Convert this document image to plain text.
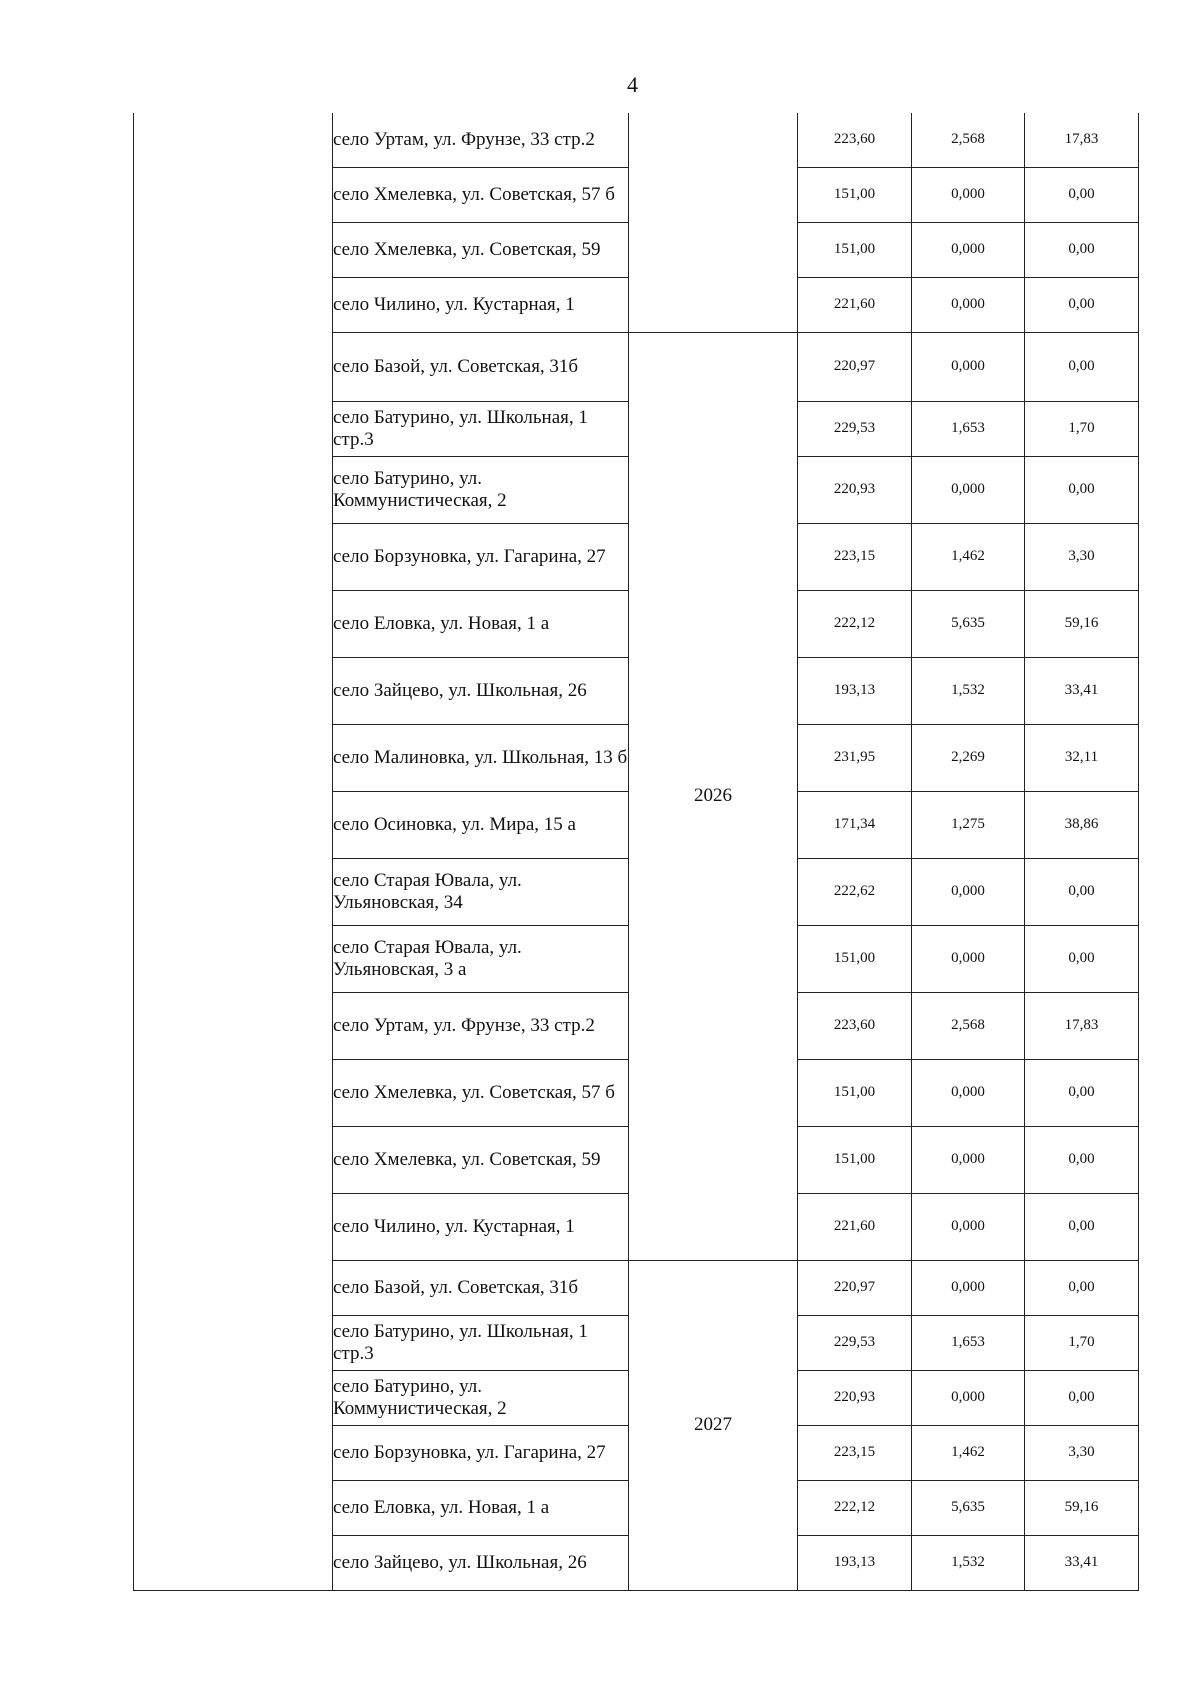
4
	село Уртам, ул. Фрунзе, 33 стр.2		223,60	2,568	17,83
	село Хмелевка, ул. Советская, 57 б		151,00	0,000	0,00
	село Хмелевка, ул. Советская, 59		151,00	0,000	0,00
	село Чилино, ул. Кустарная, 1		221,60	0,000	0,00
	село Базой, ул. Советская, 31б	2026	220,97	0,000	0,00
	село Батурино, ул. Школьная, 1 стр.3		229,53	1,653	1,70
	село Батурино, ул. Коммунистическая, 2		220,93	0,000	0,00
	село Борзуновка, ул. Гагарина, 27		223,15	1,462	3,30
	село Еловка, ул. Новая, 1 а		222,12	5,635	59,16
	село Зайцево, ул. Школьная, 26		193,13	1,532	33,41
	село Малиновка, ул. Школьная, 13 б		231,95	2,269	32,11
	село Осиновка, ул. Мира, 15 а		171,34	1,275	38,86
	село Старая Ювала, ул. Ульяновская, 34		222,62	0,000	0,00
	село Старая Ювала, ул. Ульяновская, 3 а		151,00	0,000	0,00
	село Уртам, ул. Фрунзе, 33 стр.2		223,60	2,568	17,83
	село Хмелевка, ул. Советская, 57 б		151,00	0,000	0,00
	село Хмелевка, ул. Советская, 59		151,00	0,000	0,00
	село Чилино, ул. Кустарная, 1		221,60	0,000	0,00
	село Базой, ул. Советская, 31б	2027	220,97	0,000	0,00
	село Батурино, ул. Школьная, 1 стр.3		229,53	1,653	1,70
	село Батурино, ул. Коммунистическая, 2		220,93	0,000	0,00
	село Борзуновка, ул. Гагарина, 27		223,15	1,462	3,30
	село Еловка, ул. Новая, 1 а		222,12	5,635	59,16
	село Зайцево, ул. Школьная, 26		193,13	1,532	33,41
